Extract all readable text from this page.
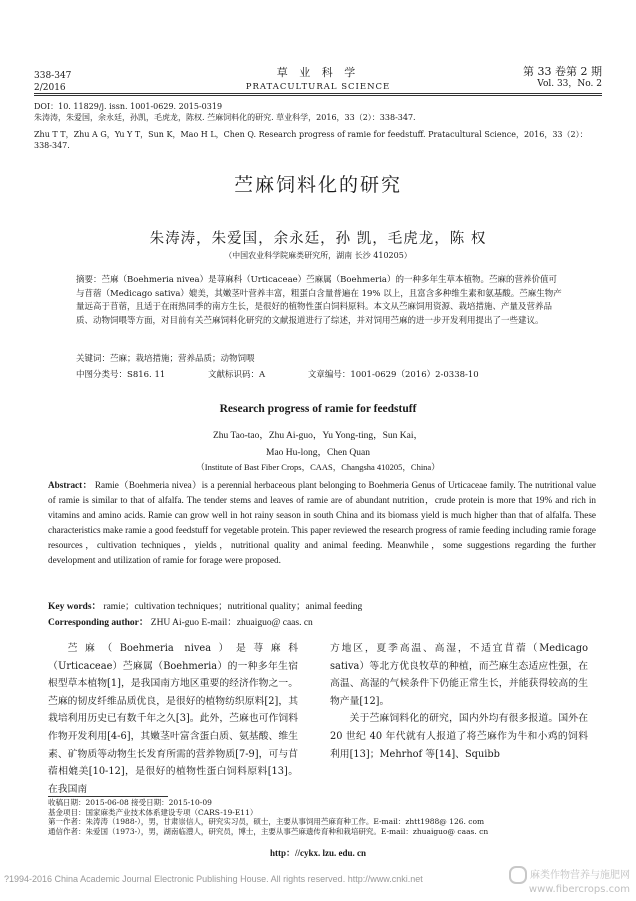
338-347
2/2016
草 业 科 学
PRATACULTURAL SCIENCE
第 33 卷第 2 期
Vol. 33，No. 2
DOI：10. 11829/j. issn. 1001-0629. 2015-0319
朱涛涛，朱爱国，余永廷，孙凯，毛虎龙，陈权. 苎麻饲料化的研究. 草业科学，2016，33（2）：338-347.
Zhu T T，Zhu A G，Yu Y T，Sun K，Mao H L，Chen Q. Research progress of ramie for feedstuff. Pratacultural Science，2016，33（2）：338-347.
苎麻饲料化的研究
朱涛涛，朱爱国，余永廷，孙 凯，毛虎龙，陈 权
（中国农业科学院麻类研究所，湖南 长沙 410205）
摘要：苎麻（Boehmeria nivea）是荨麻科（Urticaceae）苎麻属（Boehmeria）的一种多年生草本植物。苎麻的营养价值可与苜蓿（Medicago sativa）媲美，其嫩茎叶营养丰富，粗蛋白含量普遍在 19% 以上，且富含多种维生素和氨基酸。苎麻生物产量远高于苜蓿，且适于在雨热同季的南方生长，是很好的植物性蛋白饲料原料。本文从苎麻饲用资源、栽培措施、产量及营养品质、动物饲喂等方面，对目前有关苎麻饲料化研究的文献报道进行了综述，并对饲用苎麻的进一步开发利用提出了一些建议。
关键词：苎麻；栽培措施；营养品质；动物饲喂
中图分类号：S816. 11	文献标识码：A	文章编号：1001-0629（2016）2-0338-10
Research progress of ramie for feedstuff
Zhu Tao-tao，Zhu Ai-guo，Yu Yong-ting，Sun Kai，
Mao Hu-long，Chen Quan
（Institute of Bast Fiber Crops，CAAS，Changsha 410205，China）
Abstract： Ramie（Boehmeria nivea）is a perennial herbaceous plant belonging to Boehmeria Genus of Urticaceae family. The nutritional value of ramie is similar to that of alfalfa. The tender stems and leaves of ramie are of abundant nutrition，crude protein is more that 19% and rich in vitamins and amino acids. Ramie can grow well in hot rainy season in south China and its biomass yield is much higher than that of alfalfa. These characteristics make ramie a good feedstuff for vegetable protein. This paper reviewed the research progress of ramie feeding including ramie forage resources，cultivation techniques，yields，nutritional quality and animal feeding. Meanwhile，some suggestions regarding the further development and utilization of ramie for forage were proposed.
Key words： ramie；cultivation techniques；nutritional quality；animal feeding
Corresponding author： ZHU Ai-guo E-mail：zhuaiguo@ caas. cn

苎麻（Boehmeria nivea）是荨麻科（Urticaceae）苎麻属（Boehmeria）的一种多年生宿根型草本植物[1]，是我国南方地区重要的经济作物之一。苎麻的韧皮纤维品质优良，是很好的植物纺织原料[2]，其栽培利用历史已有数千年之久[3]。此外，苎麻也可作饲料作物开发利用[4-6]，其嫩茎叶富含蛋白质、氨基酸、维生素、矿物质等动物生长发育所需的营养物质[7-9]，可与苜蓿相媲美[10-12]，是很好的植物性蛋白饲料原料[13]。在我国南

方地区，夏季高温、高湿，不适宜苜蓿（Medicago sativa）等北方优良牧草的种植，而苎麻生态适应性强，在高温、高湿的气候条件下仍能正常生长，并能获得较高的生物产量[12]。

关于苎麻饲料化的研究，国内外均有很多报道。国外在 20 世纪 40 年代就有人报道了将苎麻作为牛和小鸡的饲料利用[13]；Mehrhof 等[14]、Squibb

收稿日期：2015-06-08 接受日期：2015-10-09
基金项目：国家麻类产业技术体系建设专项（CARS-19-E11）
第一作者：朱涛涛（1988-），男，甘肃崇信人，研究实习员，硕士，主要从事饲用苎麻育种工作。E-mail：zhtt1988@ 126. com
通信作者：朱爱国（1973-），男，湖南临澧人，研究员，博士，主要从事苎麻遗传育种和栽培研究。E-mail：zhuaiguo@ caas. cn
http：//cykx. lzu. edu. cn
?1994-2016 China Academic Journal Electronic Publishing House. All rights reserved. http://www.cnki.net	麻类作物营养与施肥网
www.fibercrops.com
